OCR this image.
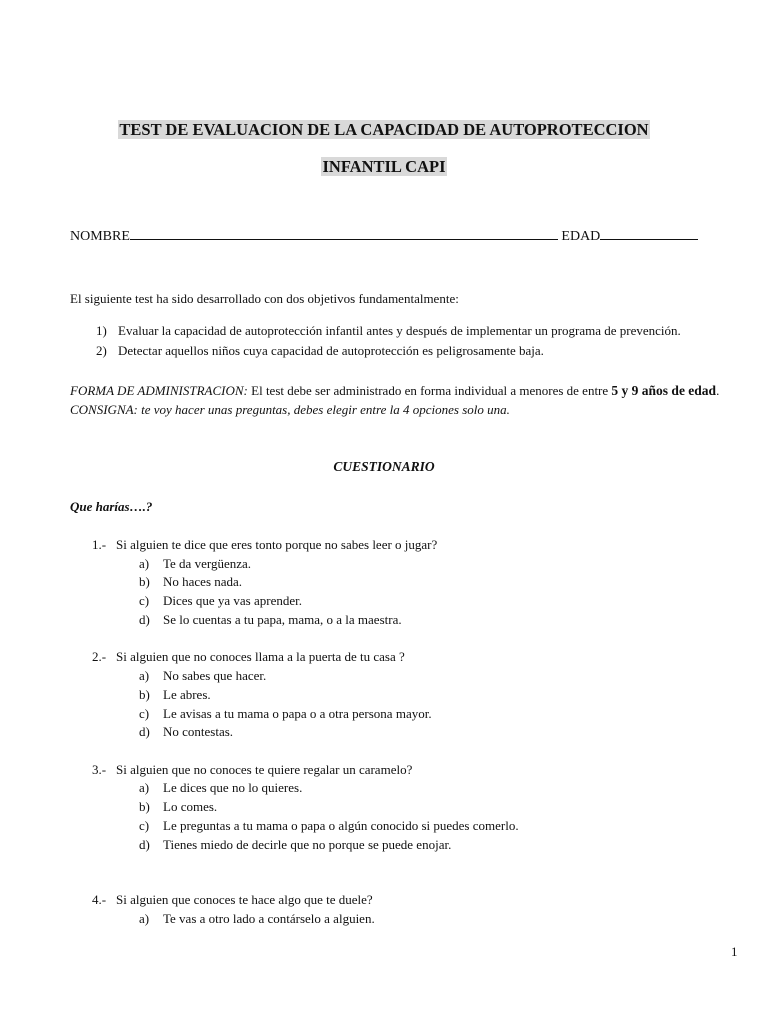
TEST DE EVALUACION DE LA CAPACIDAD DE AUTOPROTECCION
INFANTIL CAPI
NOMBRE	EDAD
El siguiente test ha sido desarrollado con dos objetivos fundamentalmente:
1) Evaluar la capacidad de autoprotección infantil antes y después de implementar un programa de prevención.
2) Detectar aquellos niños cuya capacidad de autoprotección es peligrosamente baja.
FORMA DE ADMINISTRACION: El test debe ser administrado en forma individual a menores de entre 5 y 9 años de edad.
CONSIGNA: te voy hacer unas preguntas, debes elegir entre la 4 opciones solo una.
CUESTIONARIO
Que harías….?
1.- Si alguien te dice que eres tonto porque no sabes leer o jugar?
a) Te da vergüenza.
b) No haces nada.
c) Dices que ya vas aprender.
d) Se lo cuentas a tu papa, mama, o a la maestra.
2.- Si alguien que no conoces llama a la puerta de tu casa ?
a) No sabes que hacer.
b) Le abres.
c) Le avisas a tu mama o papa o a otra persona mayor.
d) No contestas.
3.- Si alguien que no conoces te quiere regalar un caramelo?
a) Le dices que no lo quieres.
b) Lo comes.
c) Le preguntas a tu mama o papa o algún conocido si puedes comerlo.
d) Tienes miedo de decirle que no porque se puede enojar.
4.- Si alguien que conoces te hace algo que te duele?
a) Te vas a otro lado a contárselo a alguien.
1
